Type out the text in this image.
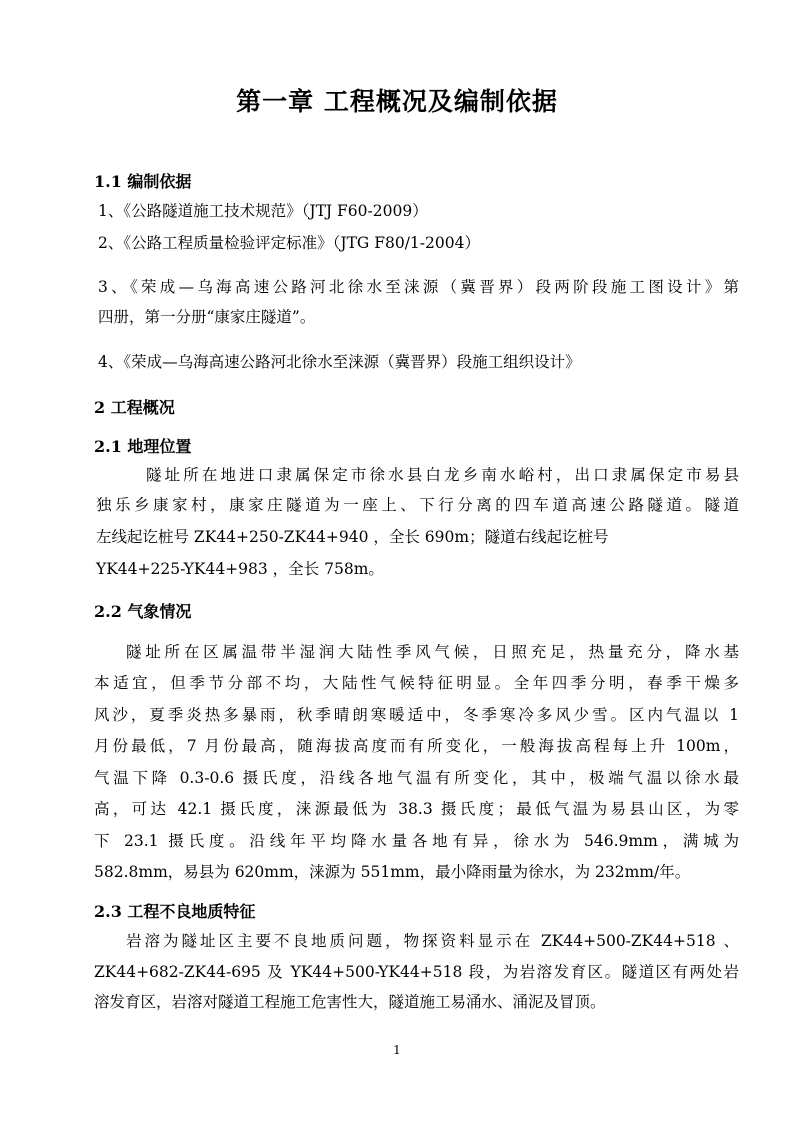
第一章 工程概况及编制依据
1.1 编制依据
1、《公路隧道施工技术规范》（JTJ F60-2009）
2、《公路工程质量检验评定标准》（JTG F80/1-2004）
3、《荣成—乌海高速公路河北徐水至涞源（冀晋界）段两阶段施工图设计》第
四册，第一分册“康家庄隧道”。
4、《荣成—乌海高速公路河北徐水至涞源（冀晋界）段施工组织设计》
2 工程概况
2.1 地理位置
隧址所在地进口隶属保定市徐水县白龙乡南水峪村，出口隶属保定市易县
独乐乡康家村，康家庄隧道为一座上、下行分离的四车道高速公路隧道。隧道
左线起讫桩号 ZK44+250-ZK44+940 ，全长 690m；隧道右线起讫桩号
YK44+225-YK44+983 ，全长 758m。
2.2 气象情况
隧址所在区属温带半湿润大陆性季风气候，日照充足，热量充分，降水基
本适宜，但季节分部不均，大陆性气候特征明显。全年四季分明，春季干燥多
风沙，夏季炎热多暴雨，秋季晴朗寒暖适中，冬季寒冷多风少雪。区内气温以 1
月份最低，7 月份最高，随海拔高度而有所变化，一般海拔高程每上升 100m，
气温下降 0.3-0.6 摄氏度，沿线各地气温有所变化，其中，极端气温以徐水最
高，可达 42.1 摄氏度，涞源最低为 38.3 摄氏度；最低气温为易县山区，为零
下 23.1 摄氏度。沿线年平均降水量各地有异，徐水为 546.9mm，满城为
582.8mm，易县为 620mm，涞源为 551mm，最小降雨量为徐水，为 232mm/年。
2.3 工程不良地质特征
岩溶为隧址区主要不良地质问题，物探资料显示在 ZK44+500-ZK44+518 、
ZK44+682-ZK44-695 及 YK44+500-YK44+518 段，为岩溶发育区。隧道区有两处岩
溶发育区，岩溶对隧道工程施工危害性大，隧道施工易涌水、涌泥及冒顶。
1
